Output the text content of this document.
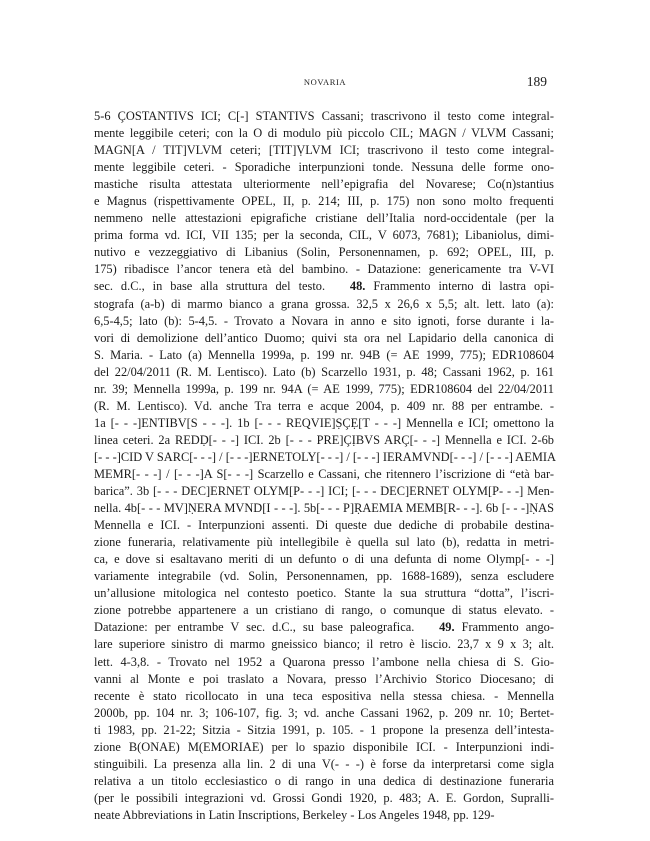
NOVARIA	189
5-6 ÇOSTANTIVS ICI; C[-] STANTIVS Cassani; trascrivono il testo come integral-
mente leggibile ceteri; con la O di modulo più piccolo CIL; MAGN / VLVM Cassani;
MAGN[A / TIT]VLVM ceteri; [TIT]ṾLVM ICI; trascrivono il testo come integral-
mente leggibile ceteri. - Sporadiche interpunzioni tonde. Nessuna delle forme ono-
mastiche risulta attestata ulteriormente nell’epigrafia del Novarese; Co(n)stantius
e Magnus (rispettivamente OPEL, II, p. 214; III, p. 175) non sono molto frequenti
nemmeno nelle attestazioni epigrafiche cristiane dell’Italia nord-occidentale (per la
prima forma vd. ICI, VII 135; per la seconda, CIL, V 6073, 7681); Libaniolus, dimi-
nutivo e vezzeggiativo di Libanius (Solin, Personennamen, p. 692; OPEL, III, p.
175) ribadisce l’ancor tenera età del bambino. - Datazione: genericamente tra V-VI
sec. d.C., in base alla struttura del testo.  48. Frammento interno di lastra opi-
stografa (a-b) di marmo bianco a grana grossa. 32,5 x 26,6 x 5,5; alt. lett. lato (a):
6,5-4,5; lato (b): 5-4,5. - Trovato a Novara in anno e sito ignoti, forse durante i la-
vori di demolizione dell’antico Duomo; quivi sta ora nel Lapidario della canonica di
S. Maria. - Lato (a) Mennella 1999a, p. 199 nr. 94B (= AE 1999, 775); EDR108604
del 22/04/2011 (R. M. Lentisco). Lato (b) Scarzello 1931, p. 48; Cassani 1962, p. 161
nr. 39; Mennella 1999a, p. 199 nr. 94A (= AE 1999, 775); EDR108604 del 22/04/2011
(R. M. Lentisco). Vd. anche Tra terra e acque 2004, p. 409 nr. 88 per entrambe. -
1a [- - -]ENTIBV[S - - -]. 1b [- - - REQVIE]ṢÇẸ[T - - -] Mennella e ICI; omettono la
linea ceteri. 2a REDḌ[- - -] ICI. 2b [- - - PRE]ÇỊBVS ARÇ[- - -] Mennella e ICI. 2-6b
[- - -]CID V SARC[- - -] / [- - -]ERNETOLY[- - -] / [- - -] IERAMVND[- - -] / [- - -] AEMIA
MEMR[- - -] / [- - -]A S[- - -] Scarzello e Cassani, che ritennero l’iscrizione di “età bar-
barica”. 3b [- - - DEC]ERNET OLYM[P- - -] ICI; [- - - DEC]ERNET OLYM[P- - -] Men-
nella. 4b[- - - MV]ṆERA MVND[I - - -]. 5b[- - - P]ṚAEMIA MEMB[R- - -]. 6b [- - -]ṆAS
Mennella e ICI. - Interpunzioni assenti. Di queste due dediche di probabile destina-
zione funeraria, relativamente più intellegibile è quella sul lato (b), redatta in metri-
ca, e dove si esaltavano meriti di un defunto o di una defunta di nome Olymp[- - -]
variamente integrabile (vd. Solin, Personennamen, pp. 1688-1689), senza escludere
un’allusione mitologica nel contesto poetico. Stante la sua struttura “dotta”, l’iscri-
zione potrebbe appartenere a un cristiano di rango, o comunque di status elevato. -
Datazione: per entrambe V sec. d.C., su base paleografica.  49. Frammento ango-
lare superiore sinistro di marmo gneissico bianco; il retro è liscio. 23,7 x 9 x 3; alt.
lett. 4-3,8. - Trovato nel 1952 a Quarona presso l’ambone nella chiesa di S. Gio-
vanni al Monte e poi traslato a Novara, presso l’Archivio Storico Diocesano; di
recente è stato ricollocato in una teca espositiva nella stessa chiesa. - Mennella
2000b, pp. 104 nr. 3; 106-107, fig. 3; vd. anche Cassani 1962, p. 209 nr. 10; Bertet-
ti 1983, pp. 21-22; Sitzia - Sitzia 1991, p. 105. - 1 propone la presenza dell’intesta-
zione B(ONAE) M(EMORIAE) per lo spazio disponibile ICI. - Interpunzioni indi-
stinguibili. La presenza alla lin. 2 di una V(- - -) è forse da interpretarsi come sigla
relativa a un titolo ecclesiastico o di rango in una dedica di destinazione funeraria
(per le possibili integrazioni vd. Grossi Gondi 1920, p. 483; A. E. Gordon, Supralli-
neate Abbreviations in Latin Inscriptions, Berkeley - Los Angeles 1948, pp. 129-
